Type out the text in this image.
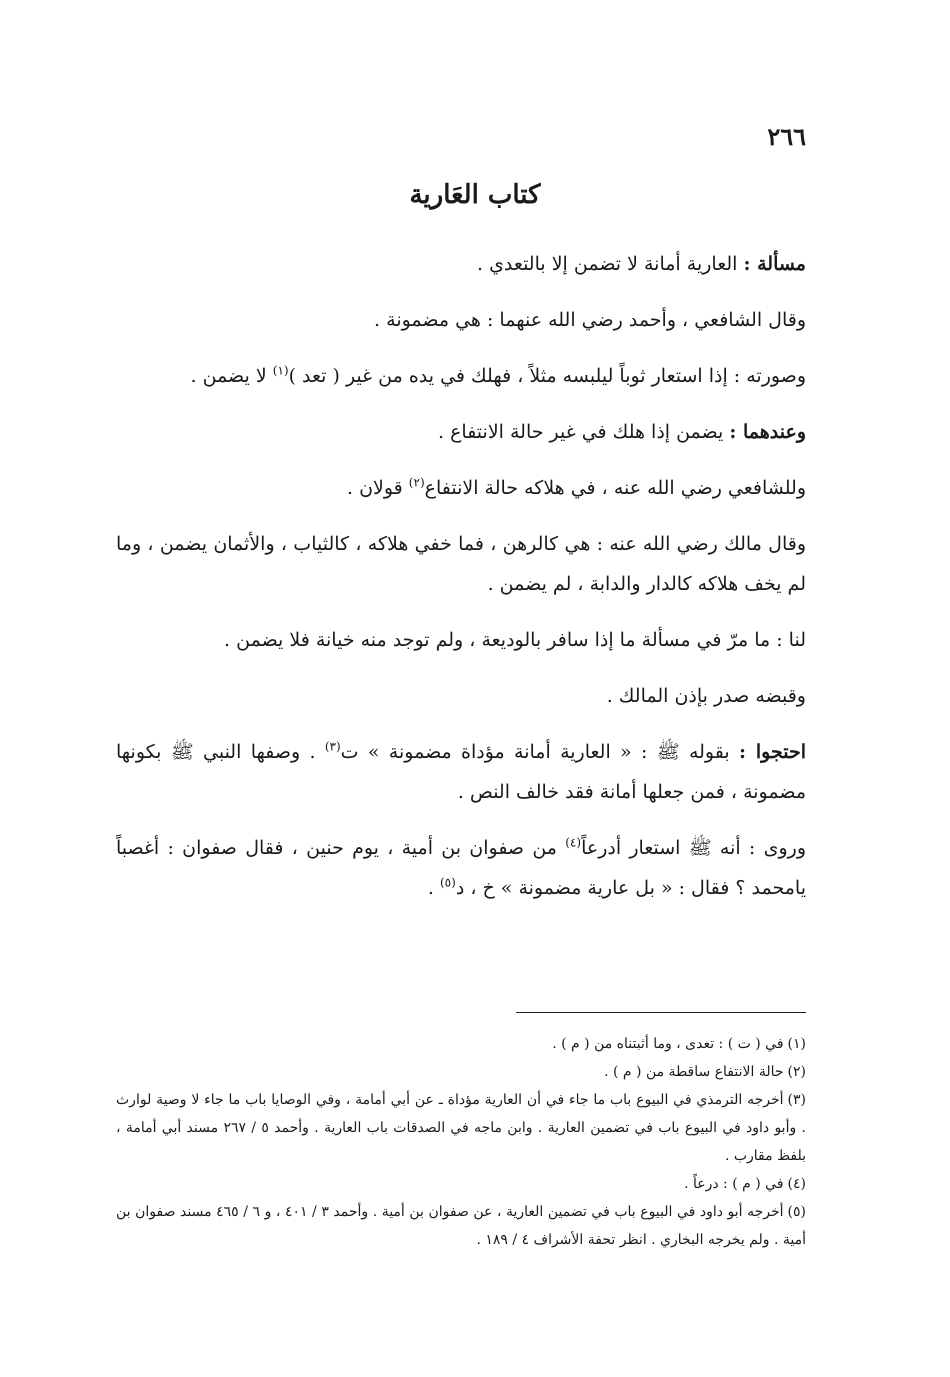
٢٦٦
كتاب العَارية

مسألة : العارية أمانة لا تضمن إلا بالتعدي .

وقال الشافعي ، وأحمد رضي الله عنهما : هي مضمونة .

وصورته : إذا استعار ثوباً ليلبسه مثلاً ، فهلك في يده من غير ( تعد )$^{(١)}$ لا يضمن .

وعندهما : يضمن إذا هلك في غير حالة الانتفاع .

وللشافعي رضي الله عنه ، في هلاكه حالة الانتفاع$^{(٢)}$ قولان .

وقال مالك رضي الله عنه : هي كالرهن ، فما خفي هلاكه ، كالثياب ، والأثمان يضمن ، وما لم يخف هلاكه كالدار والدابة ، لم يضمن .

لنا : ما مرّ في مسألة ما إذا سافر بالوديعة ، ولم توجد منه خيانة فلا يضمن .

وقبضه صدر بإذن المالك .

احتجوا : بقوله ﷺ : « العارية أمانة مؤداة مضمونة » ت$^{(٣)}$ . وصفها النبي ﷺ بكونها مضمونة ، فمن جعلها أمانة فقد خالف النص .

وروى : أنه ﷺ استعار أدرعاً$^{(٤)}$ من صفوان بن أمية ، يوم حنين ، فقال صفوان : أغصباً يامحمد ؟ فقال : « بل عارية مضمونة » خ ، د$^{(٥)}$ .

(١)في ( ت ) : تعدى ، وما أثبتناه من ( م ) .

(٢)حالة الانتفاع ساقطة من ( م ) .

(٣)أخرجه الترمذي في البيوع باب ما جاء في أن العارية مؤداة ـ عن أبي أمامة ، وفي الوصايا باب ما جاء لا وصية لوارث . وأبو داود في البيوع باب في تضمين العارية . وابن ماجه في الصدقات باب العارية . وأحمد ٥ / ٢٦٧ مسند أبي أمامة ، بلفظ مقارب .

(٤)في ( م ) : درعاً .

(٥)أخرجه أبو داود في البيوع باب في تضمين العارية ، عن صفوان بن أمية . وأحمد ٣ / ٤٠١ ، و ٦ / ٤٦٥ مسند صفوان بن أمية . ولم يخرجه البخاري . انظر تحفة الأشراف ٤ / ١٨٩ .
